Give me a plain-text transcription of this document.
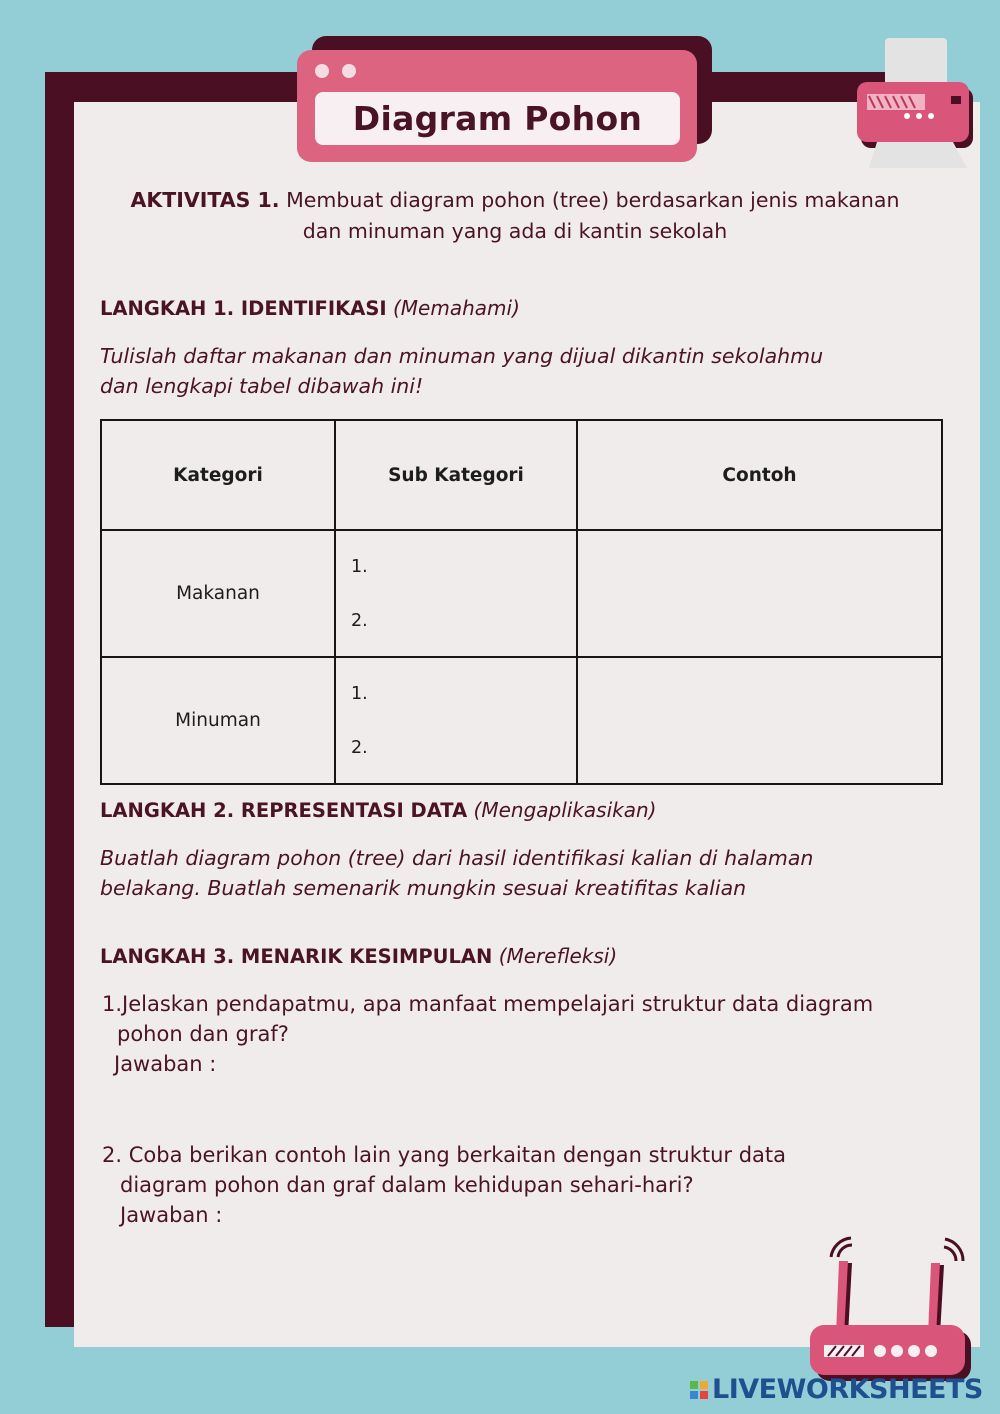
Diagram Pohon
AKTIVITAS 1. Membuat diagram pohon (tree) berdasarkan jenis makanan
dan minuman yang ada di kantin sekolah
LANGKAH 1. IDENTIFIKASI (Memahami)
Tulislah daftar makanan dan minuman yang dijual dikantin sekolahmu
dan lengkapi tabel dibawah ini!
Kategori	Sub Kategori	Contoh
Makanan	1.
2.	

Minuman	1.
2.	

LANGKAH 2. REPRESENTASI DATA (Mengaplikasikan)
Buatlah diagram pohon (tree) dari hasil identifikasi kalian di halaman
belakang. Buatlah semenarik mungkin sesuai kreatifitas kalian
LANGKAH 3. MENARIK KESIMPULAN (Merefleksi)
1.Jelaskan pendapatmu, apa manfaat mempelajari struktur data diagram
pohon dan graf?
Jawaban :
2. Coba berikan contoh lain yang berkaitan dengan struktur data
diagram pohon dan graf dalam kehidupan sehari-hari?
Jawaban :
LIVEWORKSHEETS
